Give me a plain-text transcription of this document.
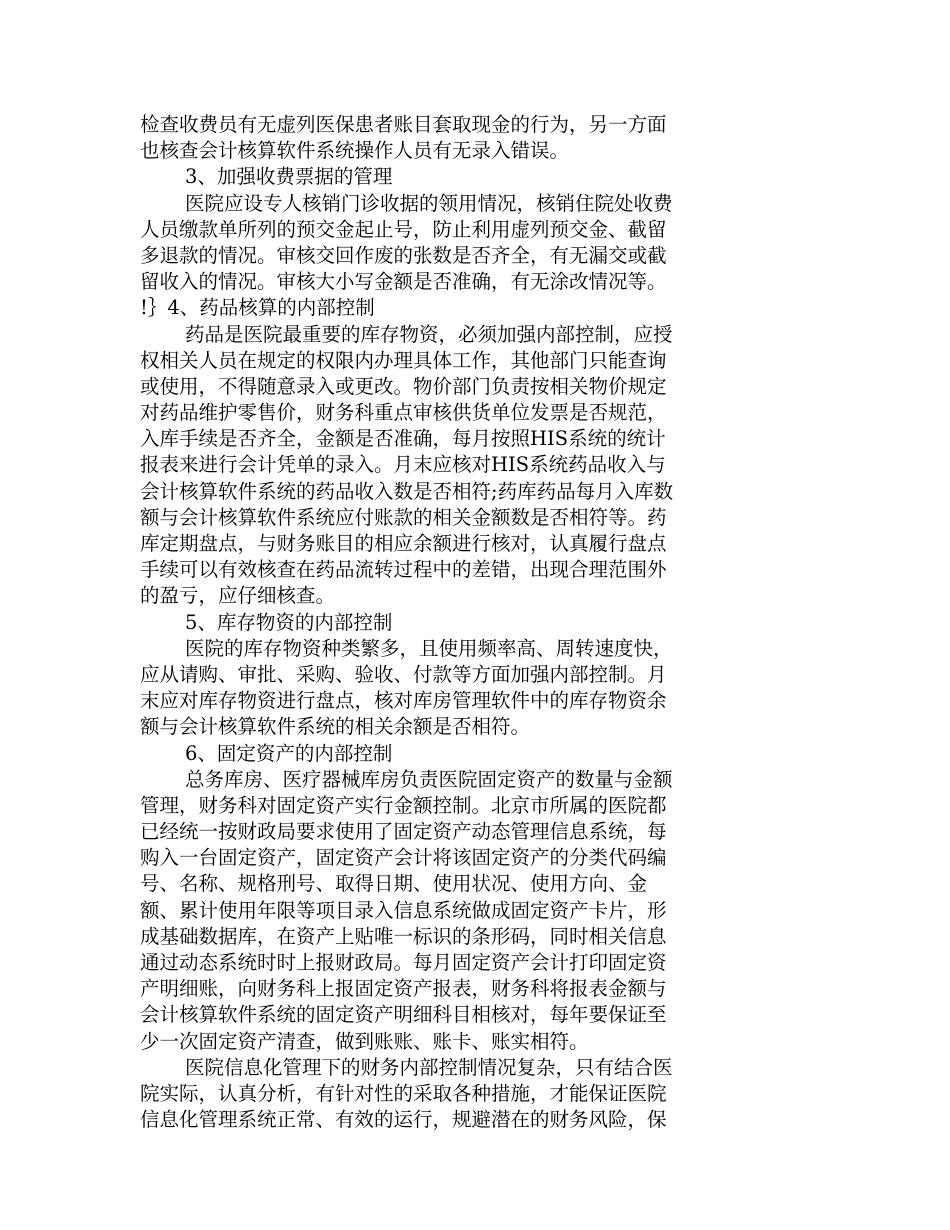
检查收费员有无虚列医保患者账目套取现金的行为，另一方面
也核查会计核算软件系统操作人员有无录入错误。
3、加强收费票据的管理
医院应设专人核销门诊收据的领用情况，核销住院处收费
人员缴款单所列的预交金起止号，防止利用虚列预交金、截留
多退款的情况。审核交回作废的张数是否齐全，有无漏交或截
留收入的情况。审核大小写金额是否准确，有无涂改情况等。
!｝4、药品核算的内部控制
药品是医院最重要的库存物资，必须加强内部控制，应授
权相关人员在规定的权限内办理具体工作，其他部门只能查询
或使用，不得随意录入或更改。物价部门负责按相关物价规定
对药品维护零售价，财务科重点审核供货单位发票是否规范，
入库手续是否齐全，金额是否准确，每月按照HIS系统的统计
报表来进行会计凭单的录入。月末应核对HIS系统药品收入与
会计核算软件系统的药品收入数是否相符;药库药品每月入库数
额与会计核算软件系统应付账款的相关金额数是否相符等。药
库定期盘点，与财务账目的相应余额进行核对，认真履行盘点
手续可以有效核查在药品流转过程中的差错，出现合理范围外
的盈亏，应仔细核查。
5、库存物资的内部控制
医院的库存物资种类繁多，且使用频率高、周转速度快，
应从请购、审批、采购、验收、付款等方面加强内部控制。月
末应对库存物资进行盘点，核对库房管理软件中的库存物资余
额与会计核算软件系统的相关余额是否相符。
6、固定资产的内部控制
总务库房、医疗器械库房负责医院固定资产的数量与金额
管理，财务科对固定资产实行金额控制。北京市所属的医院都
已经统一按财政局要求使用了固定资产动态管理信息系统，每
购入一台固定资产，固定资产会计将该固定资产的分类代码编
号、名称、规格刑号、取得日期、使用状况、使用方向、金
额、累计使用年限等项目录入信息系统做成固定资产卡片，形
成基础数据库，在资产上贴唯一标识的条形码，同时相关信息
通过动态系统时时上报财政局。每月固定资产会计打印固定资
产明细账，向财务科上报固定资产报表，财务科将报表金额与
会计核算软件系统的固定资产明细科目相核对，每年要保证至
少一次固定资产清查，做到账账、账卡、账实相符。
医院信息化管理下的财务内部控制情况复杂，只有结合医
院实际，认真分析，有针对性的采取各种措施，才能保证医院
信息化管理系统正常、有效的运行，规避潜在的财务风险，保
